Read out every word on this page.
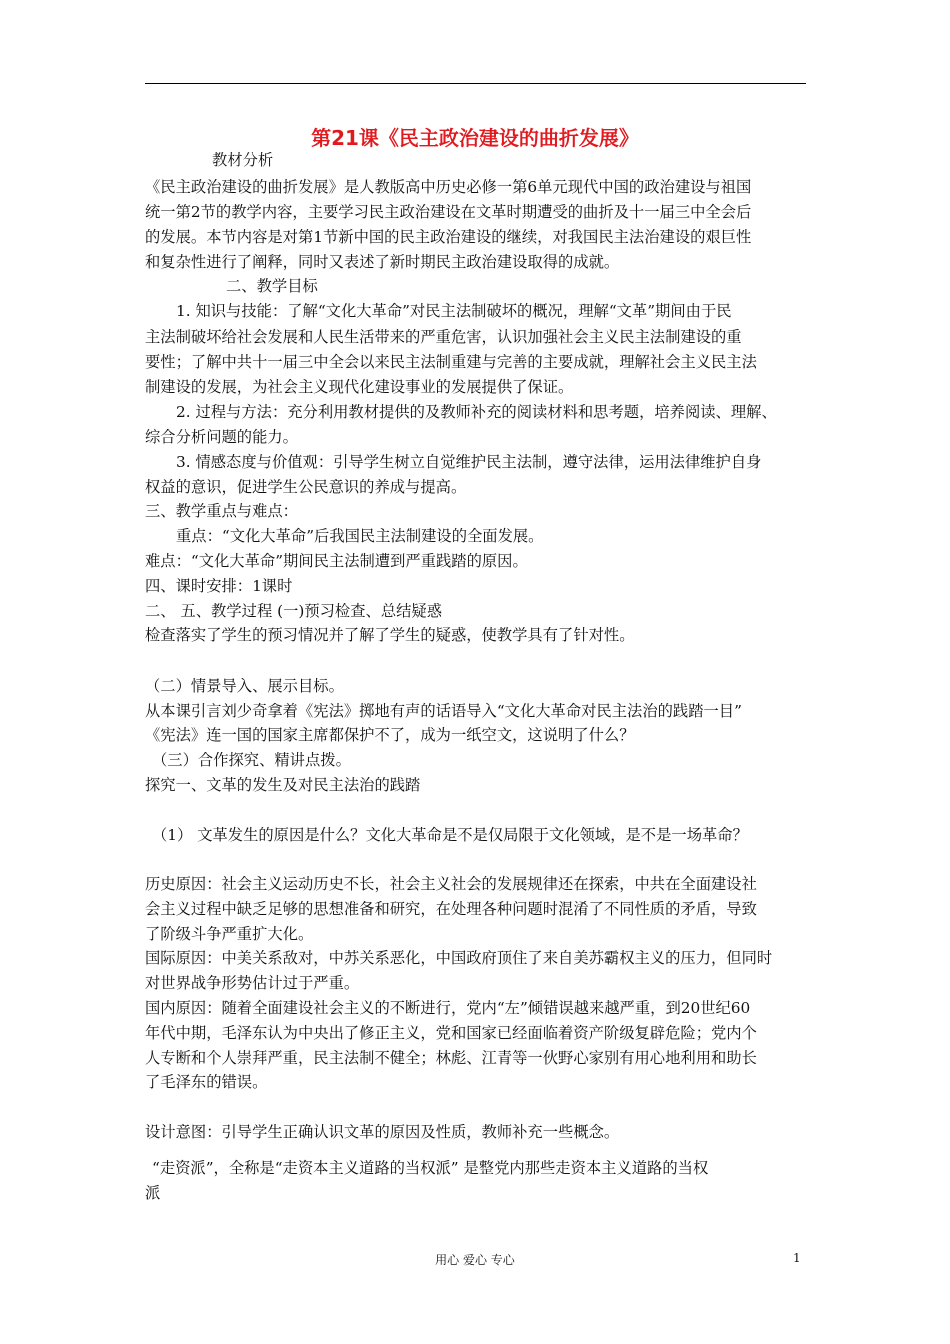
第21课《民主政治建设的曲折发展》
教材分析
《民主政治建设的曲折发展》是人教版高中历史必修一第6单元现代中国的政治建设与祖国
统一第2节的教学内容，主要学习民主政治建设在文革时期遭受的曲折及十一届三中全会后
的发展。本节内容是对第1节新中国的民主政治建设的继续，对我国民主法治建设的艰巨性
和复杂性进行了阐释，同时又表述了新时期民主政治建设取得的成就。
二、教学目标
1. 知识与技能：了解“文化大革命”对民主法制破坏的概况，理解“文革”期间由于民
主法制破坏给社会发展和人民生活带来的严重危害，认识加强社会主义民主法制建设的重
要性；了解中共十一届三中全会以来民主法制重建与完善的主要成就，理解社会主义民主法
制建设的发展，为社会主义现代化建设事业的发展提供了保证。
2. 过程与方法：充分利用教材提供的及教师补充的阅读材料和思考题，培养阅读、理解、
综合分析问题的能力。
3. 情感态度与价值观：引导学生树立自觉维护民主法制，遵守法律，运用法律维护自身
权益的意识，促进学生公民意识的养成与提高。
三、教学重点与难点：
重点：“文化大革命”后我国民主法制建设的全面发展。
难点：“文化大革命”期间民主法制遭到严重践踏的原因。
四、课时安排：1课时
二、 五、教学过程 (一)预习检查、总结疑惑
检查落实了学生的预习情况并了解了学生的疑惑，使教学具有了针对性。
（二）情景导入、展示目标。
从本课引言刘少奇拿着《宪法》掷地有声的话语导入“文化大革命对民主法治的践踏一目”
《宪法》连一国的国家主席都保护不了，成为一纸空文，这说明了什么？
（三）合作探究、精讲点拨。
探究一、文革的发生及对民主法治的践踏
（1） 文革发生的原因是什么？文化大革命是不是仅局限于文化领域，是不是一场革命？
历史原因：社会主义运动历史不长，社会主义社会的发展规律还在探索，中共在全面建设社
会主义过程中缺乏足够的思想准备和研究，在处理各种问题时混淆了不同性质的矛盾，导致
了阶级斗争严重扩大化。
国际原因：中美关系敌对，中苏关系恶化，中国政府顶住了来自美苏霸权主义的压力，但同时
对世界战争形势估计过于严重。
国内原因：随着全面建设社会主义的不断进行，党内“左”倾错误越来越严重，到20世纪60
年代中期，毛泽东认为中央出了修正主义，党和国家已经面临着资产阶级复辟危险；党内个
人专断和个人崇拜严重，民主法制不健全；林彪、江青等一伙野心家别有用心地利用和助长
了毛泽东的错误。
设计意图：引导学生正确认识文革的原因及性质，教师补充一些概念。
“走资派”，全称是“走资本主义道路的当权派” 是整党内那些走资本主义道路的当权
派
用心 爱心 专心	1
